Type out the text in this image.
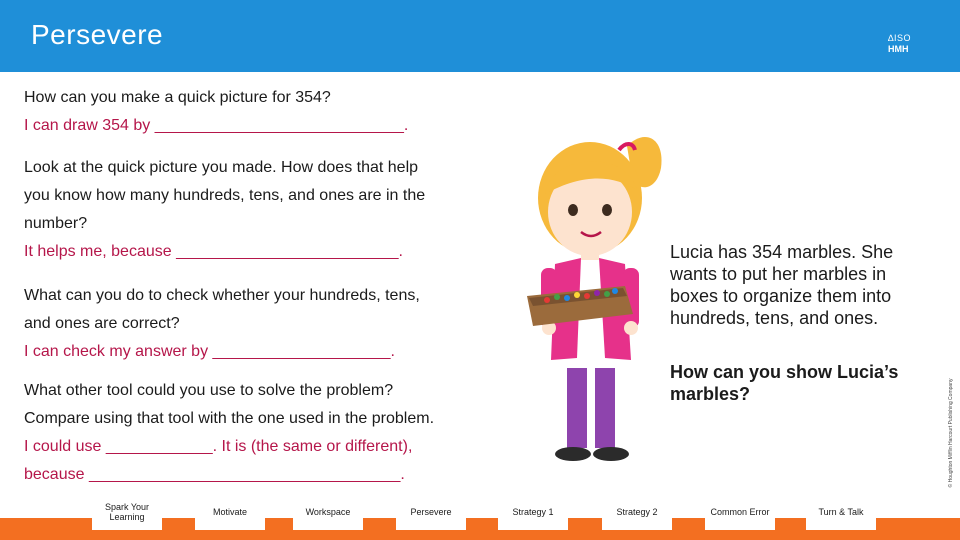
Persevere	∆ISO
HMH
How can you make a quick picture for 354?
I can draw 354 by ____________________________.
Look at the quick picture you made. How does that help
you know how many hundreds, tens, and ones are in the
number?
It helps me, because _________________________.
What can you do to check whether your hundreds, tens,
and ones are correct?
I can check my answer by ____________________.
What other tool could you use to solve the problem?
Compare using that tool with the one used in the problem.
I could use ____________. It is (the same or different),
because ___________________________________.
Lucia has 354 marbles. She wants to put her marbles in boxes to organize them into hundreds, tens, and ones.
How can you show Lucia’s marbles?	© Houghton Mifflin Harcourt Publishing Company
Spark Your Learning	Motivate	Workspace	Persevere	Strategy 1	Strategy 2	Common Error	Turn & Talk
